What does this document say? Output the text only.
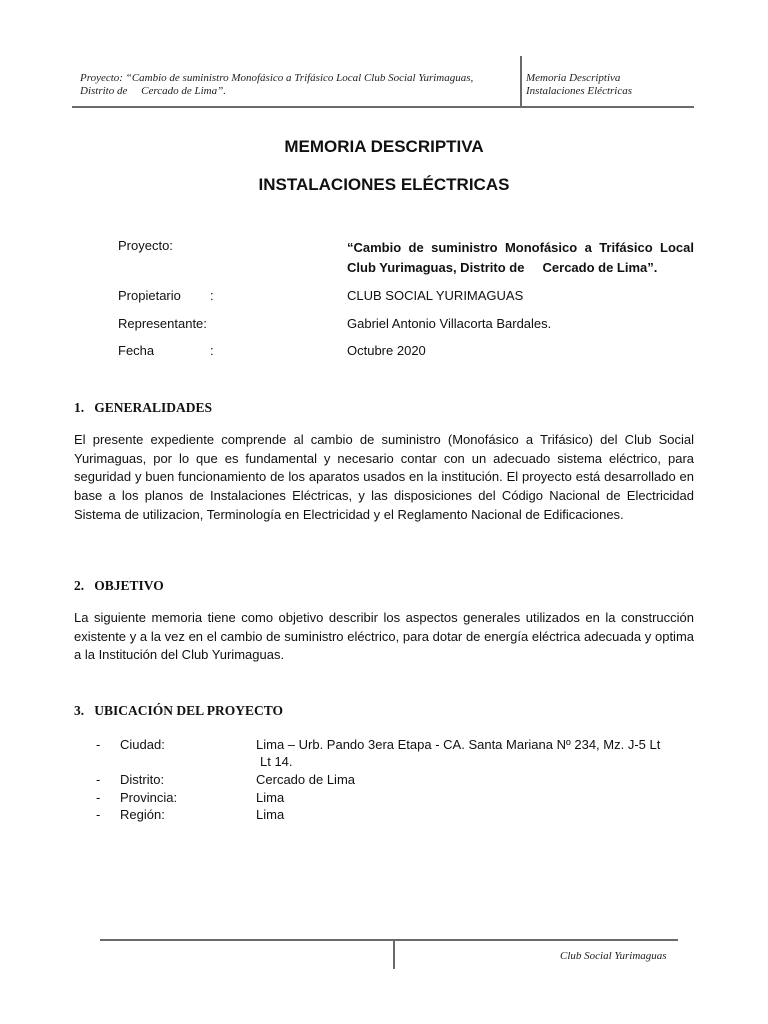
Proyecto: “Cambio de suministro Monofásico a Trifásico Local Club Social Yurimaguas,
Distrito de     Cercado de Lima”.
Memoria Descriptiva
Instalaciones Eléctricas
MEMORIA DESCRIPTIVA
INSTALACIONES ELÉCTRICAS
Proyecto:	“Cambio de suministro Monofásico a Trifásico Local
Club Yurimaguas, Distrito de     Cercado de Lima”.
Propietario :	CLUB SOCIAL YURIMAGUAS
Representante:	Gabriel Antonio Villacorta Bardales.
Fecha	:	Octubre 2020
1.   GENERALIDADES
El presente expediente comprende al cambio de suministro (Monofásico a Trifásico) del Club Social Yurimaguas, por lo que es fundamental y necesario contar con un adecuado sistema eléctrico, para seguridad y buen funcionamiento de los aparatos usados en la institución. El proyecto está desarrollado en base a los planos de Instalaciones Eléctricas, y las disposiciones del Código Nacional de Electricidad Sistema de utilizacion, Terminología en Electricidad y el Reglamento Nacional de Edificaciones.
2.   OBJETIVO
La siguiente memoria tiene como objetivo describir los aspectos generales utilizados en la construcción existente y a la vez en el cambio de suministro eléctrico, para dotar de energía eléctrica adecuada y optima a la Institución del Club Yurimaguas.
3.   UBICACIÓN DEL PROYECTO
- Ciudad:	Lima – Urb. Pando 3era Etapa - CA. Santa Mariana Nº 234, Mz. J-5 Lt
Lt 14.
- Distrito:	Cercado de Lima
- Provincia:	Lima
- Región:	Lima
Club Social Yurimaguas
